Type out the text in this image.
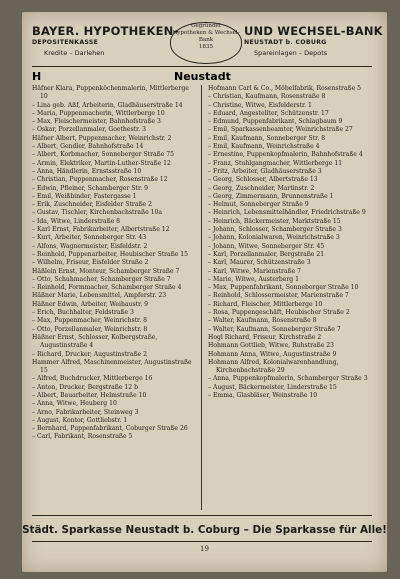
BAYER. HYPOTHEKEN-	UND WECHSEL-BANK
DEPOSITENKASSE	NEUSTADT b. COBURG
Kredite – Darlehen	Spareinlagen – Depots
Gegründet
Hypotheken & Wechsel-Bank
1835
H	Neustadt

Häfner Klara, Puppenköchenmalerin, Mittlerberge 10

– Lina geb. Aßf, Arbeiterin, Gladhäuserstraße 14

– Maria, Puppenmacherin, Wittlerberge 10

– Max, Fleischermeister, Bahnhofstraße 3

– Oskar, Porzellanmaler, Goethestr. 3

Häfner Albert, Puppenmacher, Weinrichstr. 2

– Albert, Gendler, Bahnhofstraße 14

– Albert, Korbmacher, Sonneberger Straße 75

– Armin, Elektriker, Martin-Luther-Straße 12

– Anna, Händlerin, Ernstsstraße 10

– Christian, Puppenmacher, Rosenstraße 12

– Edwin, Pfleiner, Schamberger Str. 9

– Emil, Weißbinder, Fastergasse 1

– Erik, Zuschneider, Eisfelder Straße 2

– Gustav, Tischler, Kirchenbachstraße 10a

– Ida, Witwe, Linderstraße 8

– Karl Ernst, Fabrikarbeiter, Albertstraße 12

– Kurt, Arbeiter, Sonneberger Str. 43

– Alfons, Wagnermeister, Eisfeldstr. 2

– Reinhold, Puppenarbeiter, Heubischer Straße 15

– Wilhelm, Friseur, Eisfelder Straße 2

Häßlein Ernst, Monteur, Schamberger Straße 7

– Otto, Schuhmacher, Schamberger Straße 7

– Reinhold, Formmacher, Schamberger Straße 4

Häßner Marie, Lebensmittel, Ampferstr. 23

Häßner Edwin, Arbeiter, Weihaustr. 9

– Erich, Buchhalter, Feldstraße 3

– Max, Puppenmacher, Weinrichstr. 8

– Otto, Porzellanmaler, Weinrichstr. 8

Häßner Ernst, Schlosser, Kolbergstraße, Augustinstraße 4

– Richard, Drucker, Augustinstraße 2

Hammer Alfred, Maschinenmeister, Augustinstraße 15

– Alfred, Buchdrucker, Mittlerberge 16

– Anton, Drucker, Bergstraße 12 b

– Albert, Bauarbeiter, Helmstraße 10

– Anna, Witwe, Heuberg 10

– Arno, Fabrikarbeiter, Steinweg 3

– August, Kontor, Gottliebstr. 1

– Bernhard, Puppenfabrikant, Coburger Straße 26

– Carl, Fabrikant, Rosenstraße 5

Hofmann Carl & Co., Möbelfabrik, Rosenstraße 5

– Christian, Kaufmann, Rosenstraße 8

– Christine, Witwe, Eisfelderstr. 1

– Eduard, Angestellter, Schützenstr. 17

– Edmund, Puppenfabrikant, Schlagbaum 9

– Emil, Sparkassenbeamter, Weinrichstraße 27

– Emil, Kaufmann, Sonneberger Str. 8

– Emil, Kaufmann, Weinrichstraße 4

– Ernestine, Puppenkopfmalerin, Bahnhofstraße 4

– Franz, Stuhlgangmacher, Wittlerberge 11

– Fritz, Arbeiter, Gladhäuserstraße 3

– Georg, Schlosser, Albertstraße 13

– Georg, Zuschneider, Martinstr. 2

– Georg, Zimmermann, Brunnenstraße 1

– Helmut, Sonneberger Straße 9

– Heinrich, Lebensmittelhändler, Friedrichstraße 9

– Heinrich, Bäckermeister, Marktstraße 15

– Johann, Schlosser, Schamberger Straße 3

– Johann, Kolonialwaren, Weinrichstraße 3

– Johann, Witwe, Sonneberger Str. 45

– Karl, Porzellanmaler, Bergstraße 21

– Karl, Maurer, Schützenstraße 3

– Karl, Witwe, Marienstraße 7

– Marie, Witwe, Austerberg 1

– Max, Puppenfabrikant, Sonneberger Straße 10

– Reinhold, Schlossermeister, Marienstraße 7

– Richard, Fleischer, Mittlerberge 10

– Rosa, Puppengeschäft, Heubischer Straße 2

– Walter, Kaufmann, Rosenstraße 8

– Walter, Kaufmann, Sonneberger Straße 7

Hogl Richard, Friseur, Kirchstraße 2

Hohmann Gottlieb, Witwe, Ruhstraße 23

Hohmann Anna, Witwe, Augustinstraße 9

Hohmann Alfred, Kolonialwarenhandlung, Kirchenbachstraße 29

– Anna, Puppenkopfmalerin, Schamberger Straße 3

– August, Bäckermeister, Linderstraße 15

– Emma, Glasbläser, Weinstraße 10

Städt. Sparkasse Neustadt b. Coburg – Die Sparkasse für Alle!
19
